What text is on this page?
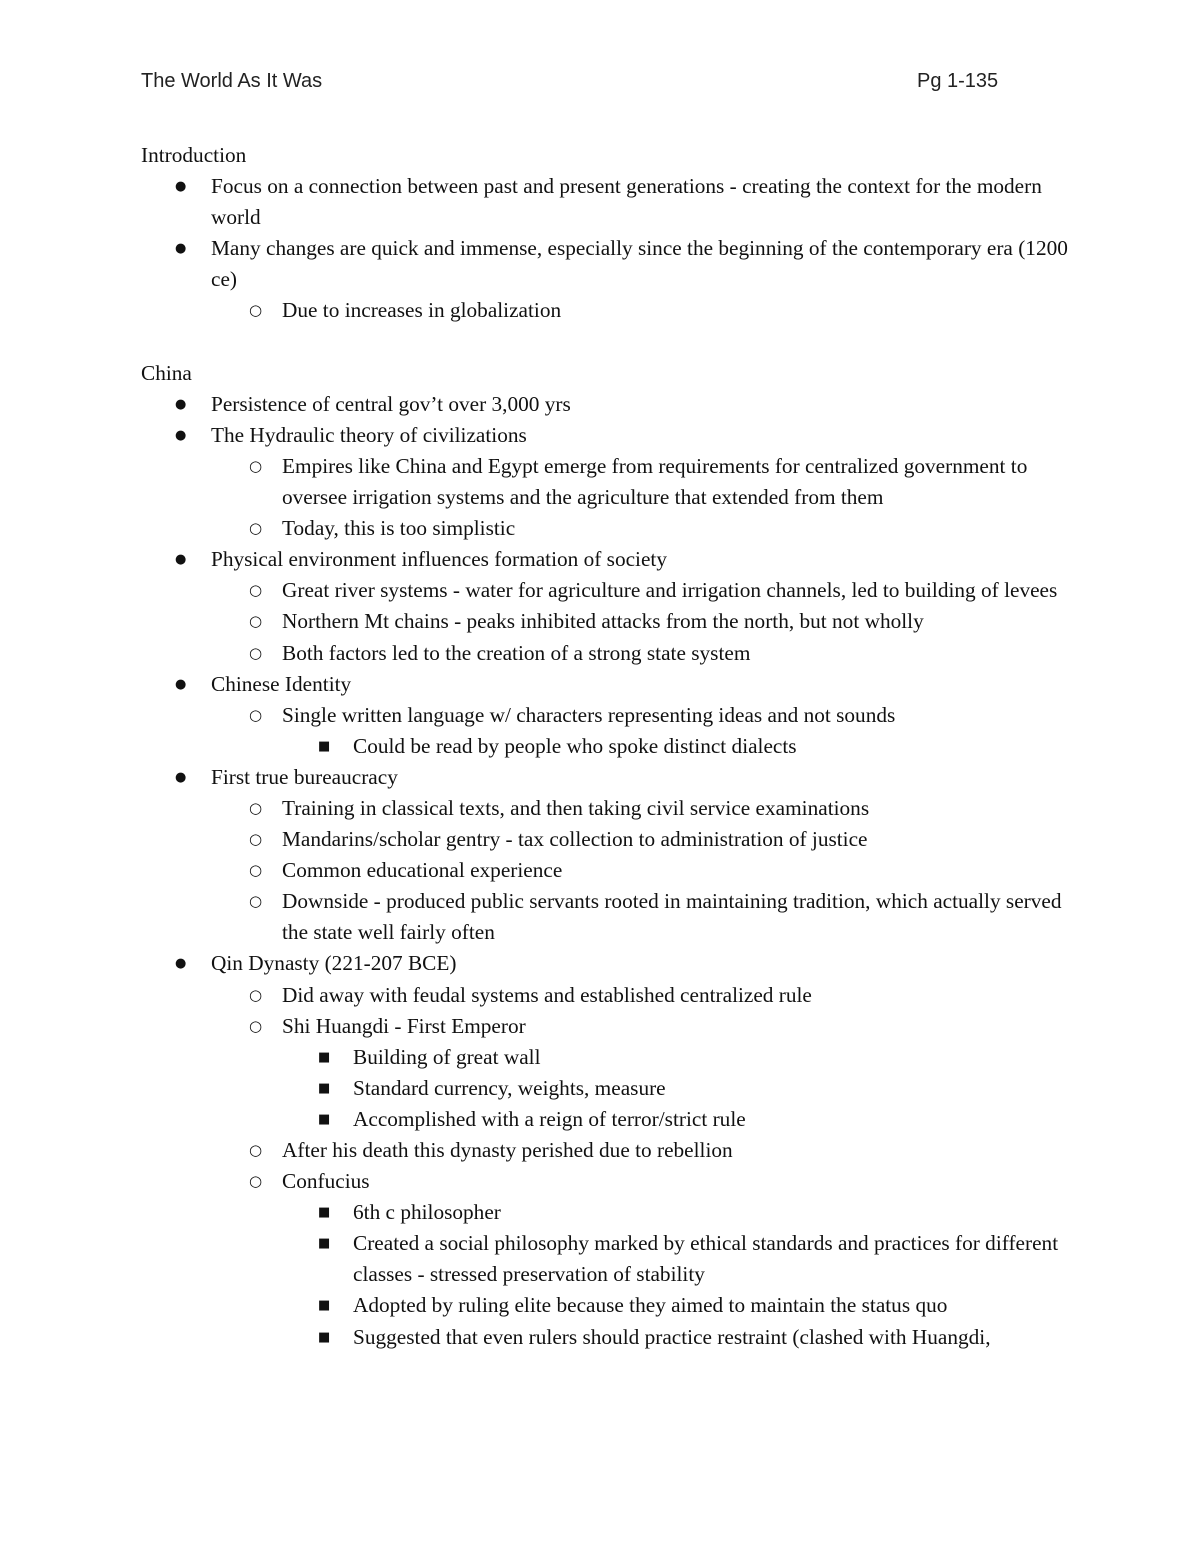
The World As It Was	Pg 1-135
Introduction
● Focus on a connection between past and present generations - creating the context for the modern world
● Many changes are quick and immense, especially since the beginning of the contemporary era (1200 ce)
○ Due to increases in globalization
China
● Persistence of central gov’t over 3,000 yrs
● The Hydraulic theory of civilizations
○ Empires like China and Egypt emerge from requirements for centralized government to oversee irrigation systems and the agriculture that extended from them
○ Today, this is too simplistic
● Physical environment influences formation of society
○ Great river systems - water for agriculture and irrigation channels, led to building of levees
○ Northern Mt chains - peaks inhibited attacks from the north, but not wholly
○ Both factors led to the creation of a strong state system
● Chinese Identity
○ Single written language w/ characters representing ideas and not sounds
■ Could be read by people who spoke distinct dialects
● First true bureaucracy
○ Training in classical texts, and then taking civil service examinations
○ Mandarins/scholar gentry - tax collection to administration of justice
○ Common educational experience
○ Downside - produced public servants rooted in maintaining tradition, which actually served the state well fairly often
● Qin Dynasty (221-207 BCE)
○ Did away with feudal systems and established centralized rule
○ Shi Huangdi - First Emperor
■ Building of great wall
■ Standard currency, weights, measure
■ Accomplished with a reign of terror/strict rule
○ After his death this dynasty perished due to rebellion
○ Confucius
■ 6th c philosopher
■ Created a social philosophy marked by ethical standards and practices for different classes - stressed preservation of stability
■ Adopted by ruling elite because they aimed to maintain the status quo
■ Suggested that even rulers should practice restraint (clashed with Huangdi,
